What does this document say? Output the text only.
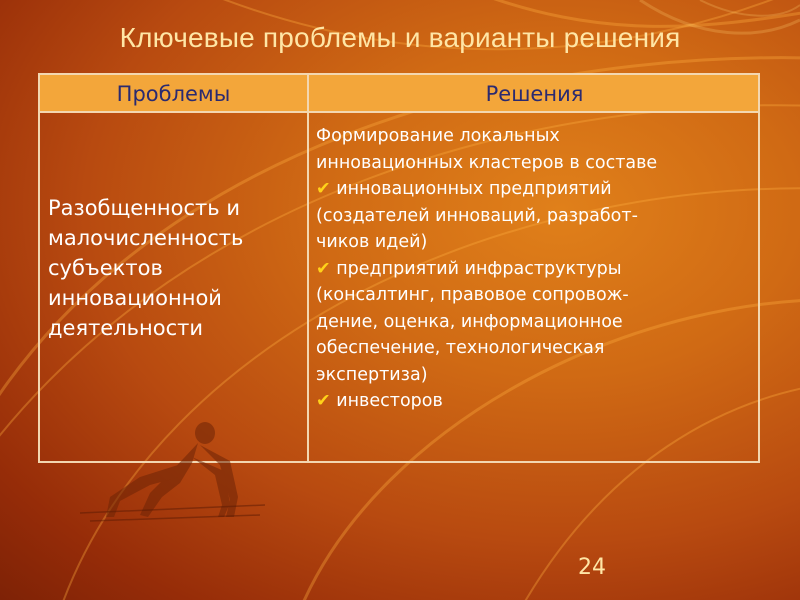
Ключевые проблемы и варианты решения
Проблемы	Решения
Разобщенность и малочисленность субъектов инновационной деятельности
Формирование локальных
инновационных кластеров в составе
✔ инновационных предприятий
(создателей инноваций, разработ-
чиков идей)
✔ предприятий инфраструктуры
(консалтинг, правовое сопровож-
дение, оценка, информационное
обеспечение, технологическая
экспертиза)
✔ инвесторов
24
